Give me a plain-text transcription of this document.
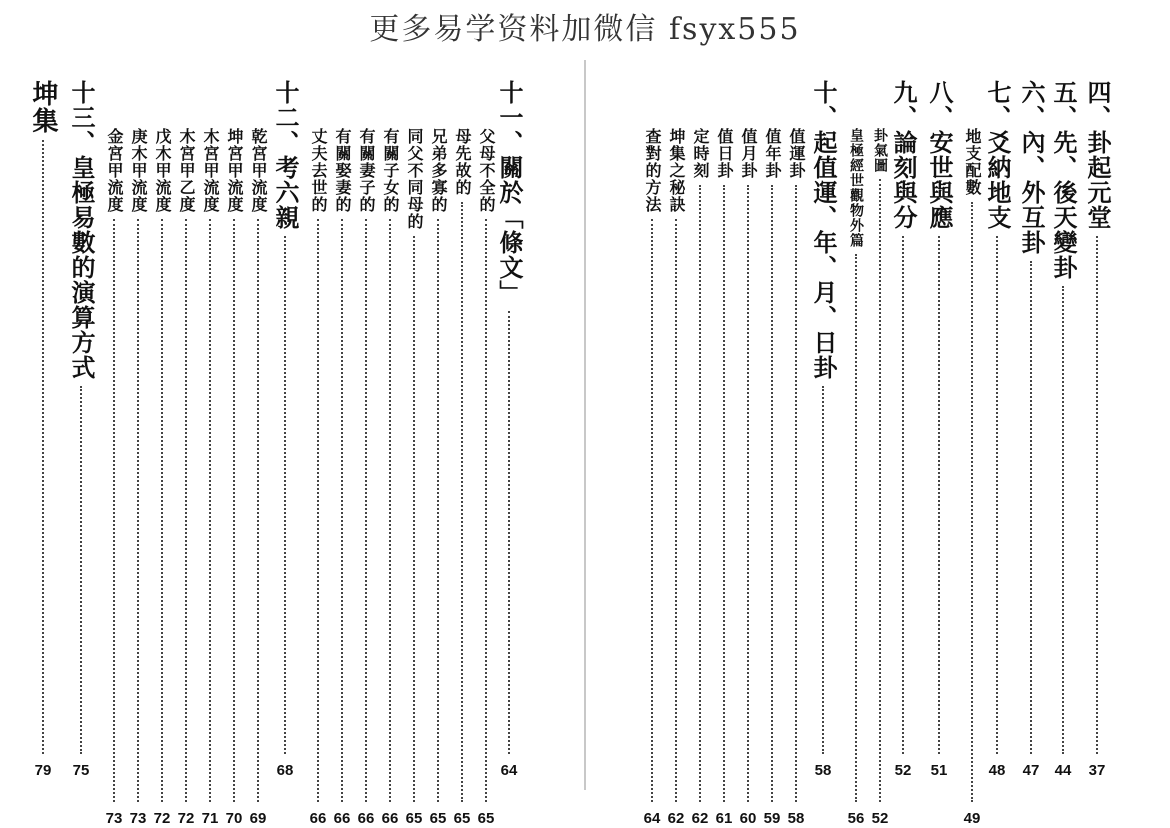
更多易学资料加微信 fsyx555
坤集
79
十三、皇極易數的演算方式
75
金宮甲流度
73
庚木甲流度
73
戊木甲流度
72
木宮甲乙度
72
木宮甲流度
71
坤宮甲流度
70
乾宮甲流度
69
十二、考六親
68
丈夫去世的
66
有關娶妻的
66
有關妻子的
66
有關子女的
66
同父不同母的
65
兄弟多寡的
65
母先故的
65
父母不全的
65
十一、關於「條文」
64
查對的方法
64
坤集之秘訣
62
定時刻
62
值日卦
61
值月卦
60
值年卦
59
值運卦
58
十、起值運、年、月、日卦
58
皇極經世觀物外篇
56
卦氣圖
52
九、論刻與分
52
八、安世與應
51
地支配數
49
七、爻納地支
48
六、內、外互卦
47
五、先、後天變卦
44
四、卦起元堂
37
